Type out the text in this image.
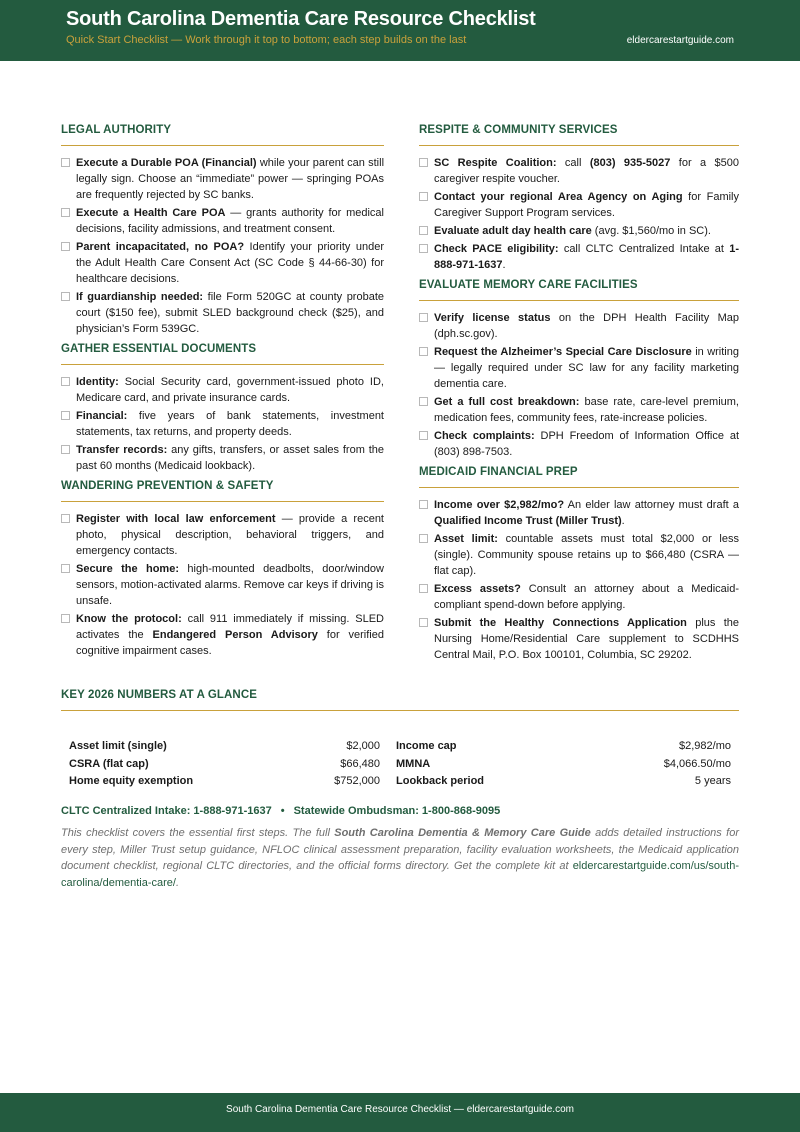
South Carolina Dementia Care Resource Checklist
Quick Start Checklist — Work through it top to bottom; each step builds on the last	eldercarestartguide.com
LEGAL AUTHORITY
Execute a Durable POA (Financial) while your parent can still legally sign. Choose an “immediate” power — springing POAs are frequently rejected by SC banks.
Execute a Health Care POA — grants authority for medical decisions, facility admissions, and treatment consent.
Parent incapacitated, no POA? Identify your priority under the Adult Health Care Consent Act (SC Code § 44-66-30) for healthcare decisions.
If guardianship needed: file Form 520GC at county probate court ($150 fee), submit SLED background check ($25), and physician’s Form 539GC.
GATHER ESSENTIAL DOCUMENTS
Identity: Social Security card, government-issued photo ID, Medicare card, and private insurance cards.
Financial: five years of bank statements, investment statements, tax returns, and property deeds.
Transfer records: any gifts, transfers, or asset sales from the past 60 months (Medicaid lookback).
WANDERING PREVENTION & SAFETY
Register with local law enforcement — provide a recent photo, physical description, behavioral triggers, and emergency contacts.
Secure the home: high-mounted deadbolts, door/window sensors, motion-activated alarms. Remove car keys if driving is unsafe.
Know the protocol: call 911 immediately if missing. SLED activates the Endangered Person Advisory for verified cognitive impairment cases.
RESPITE & COMMUNITY SERVICES
SC Respite Coalition: call (803) 935-5027 for a $500 caregiver respite voucher.
Contact your regional Area Agency on Aging for Family Caregiver Support Program services.
Evaluate adult day health care (avg. $1,560/mo in SC).
Check PACE eligibility: call CLTC Centralized Intake at 1-888-971-1637.
EVALUATE MEMORY CARE FACILITIES
Verify license status on the DPH Health Facility Map (dph.sc.gov).
Request the Alzheimer’s Special Care Disclosure in writing — legally required under SC law for any facility marketing dementia care.
Get a full cost breakdown: base rate, care-level premium, medication fees, community fees, rate-increase policies.
Check complaints: DPH Freedom of Information Office at (803) 898-7503.
MEDICAID FINANCIAL PREP
Income over $2,982/mo? An elder law attorney must draft a Qualified Income Trust (Miller Trust).
Asset limit: countable assets must total $2,000 or less (single). Community spouse retains up to $66,480 (CSRA — flat cap).
Excess assets? Consult an attorney about a Medicaid-compliant spend-down before applying.
Submit the Healthy Connections Application plus the Nursing Home/Residential Care supplement to SCDHHS Central Mail, P.O. Box 100101, Columbia, SC 29202.
KEY 2026 NUMBERS AT A GLANCE
Asset limit (single)	$2,000 Income cap	$2,982/mo
CSRA (flat cap)	$66,480 MMNA	$4,066.50/mo
Home equity exemption	$752,000 Lookback period	5 years
CLTC Centralized Intake: 1-888-971-1637 • Statewide Ombudsman: 1-800-868-9095
This checklist covers the essential first steps. The full South Carolina Dementia & Memory Care Guide adds detailed instructions for every step, Miller Trust setup guidance, NFLOC clinical assessment preparation, facility evaluation worksheets, the Medicaid application document checklist, regional CLTC directories, and the official forms directory. Get the complete kit at eldercarestartguide.com/us/south-carolina/dementia-care/.
South Carolina Dementia Care Resource Checklist — eldercarestartguide.com
